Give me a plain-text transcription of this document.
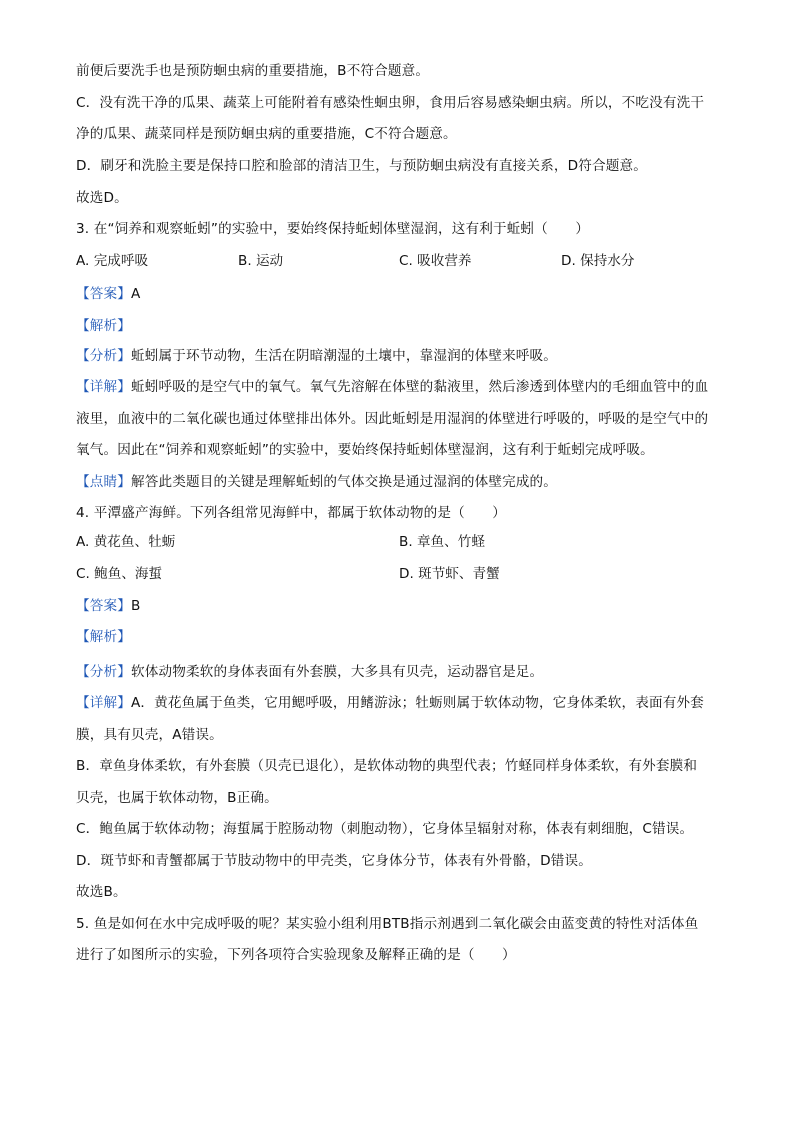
前便后要洗手也是预防蛔虫病的重要措施，B不符合题意。
C．没有洗干净的瓜果、蔬菜上可能附着有感染性蛔虫卵，食用后容易感染蛔虫病。所以，不吃没有洗干
净的瓜果、蔬菜同样是预防蛔虫病的重要措施，C不符合题意。
D．刷牙和洗脸主要是保持口腔和脸部的清洁卫生，与预防蛔虫病没有直接关系，D符合题意。
故选D。
3. 在“饲养和观察蚯蚓”的实验中，要始终保持蚯蚓体壁湿润，这有利于蚯蚓（　　）
【分析】蚯蚓属于环节动物，生活在阴暗潮湿的土壤中，靠湿润的体壁来呼吸。
【详解】蚯蚓呼吸的是空气中的氧气。氧气先溶解在体壁的黏液里，然后渗透到体壁内的毛细血管中的血
液里，血液中的二氧化碳也通过体壁排出体外。因此蚯蚓是用湿润的体壁进行呼吸的，呼吸的是空气中的
氧气。因此在“饲养和观察蚯蚓”的实验中，要始终保持蚯蚓体壁湿润，这有利于蚯蚓完成呼吸。
【点睛】解答此类题目的关键是理解蚯蚓的气体交换是通过湿润的体壁完成的。
4. 平潭盛产海鲜。下列各组常见海鲜中，都属于软体动物的是（　　）
【分析】软体动物柔软的身体表面有外套膜，大多具有贝壳，运动器官是足。
【详解】A．黄花鱼属于鱼类，它用鳃呼吸，用鳍游泳；牡蛎则属于软体动物，它身体柔软，表面有外套
膜，具有贝壳，A错误。
B．章鱼身体柔软，有外套膜（贝壳已退化），是软体动物的典型代表；竹蛏同样身体柔软，有外套膜和
贝壳，也属于软体动物，B正确。
C．鲍鱼属于软体动物；海蜇属于腔肠动物（刺胞动物），它身体呈辐射对称，体表有刺细胞，C错误。
D．斑节虾和青蟹都属于节肢动物中的甲壳类，它身体分节，体表有外骨骼，D错误。
故选B。
5. 鱼是如何在水中完成呼吸的呢？某实验小组利用BTB指示剂遇到二氧化碳会由蓝变黄的特性对活体鱼
进行了如图所示的实验，下列各项符合实验现象及解释正确的是（　　）
A. 完成呼吸	B. 运动	C. 吸收营养	D. 保持水分
【答案】A
【解析】
A. 黄花鱼、牡蛎	B. 章鱼、竹蛏
C. 鲍鱼、海蜇	D. 斑节虾、青蟹
【答案】B
【解析】
